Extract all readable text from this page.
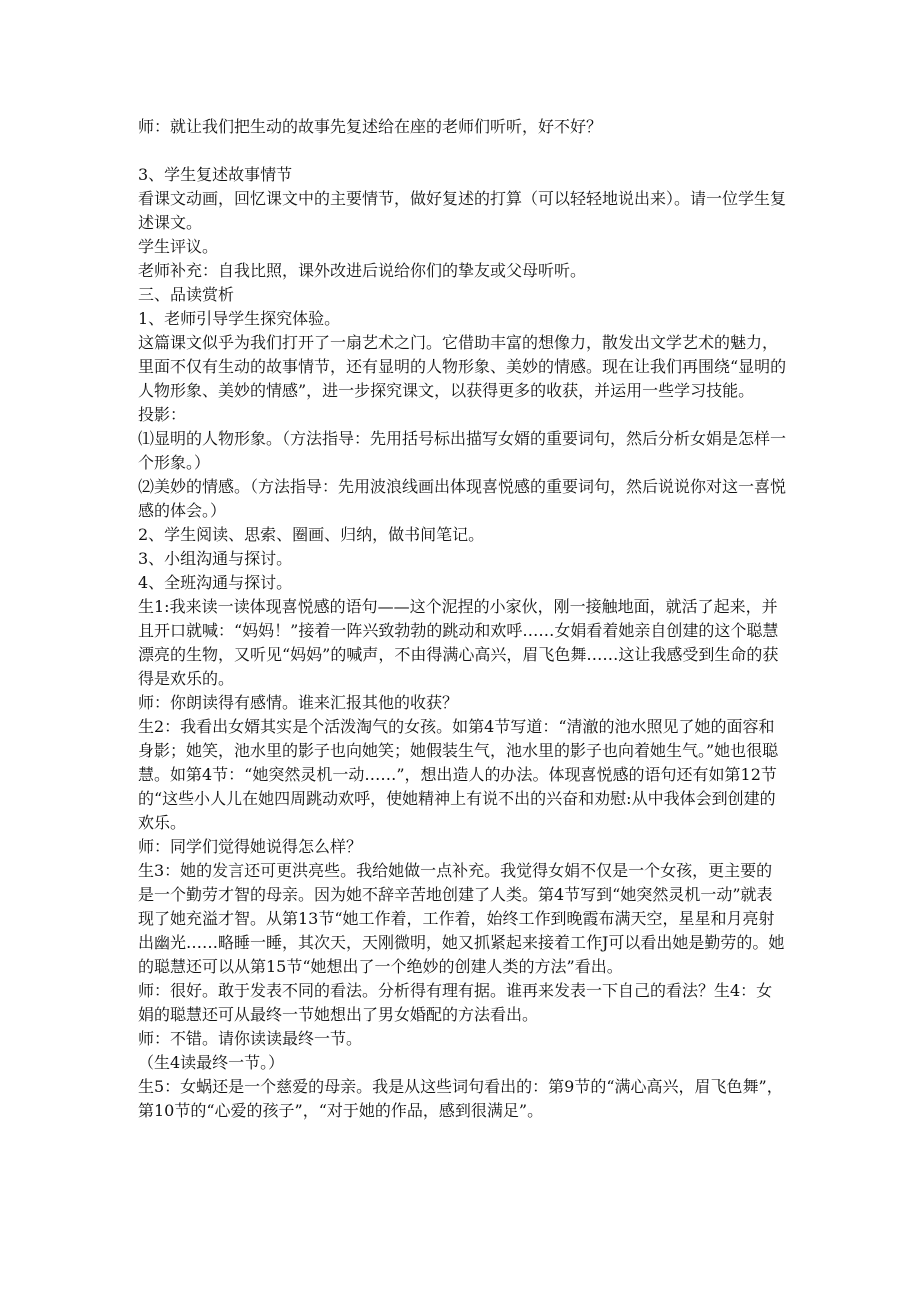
师：就让我们把生动的故事先复述给在座的老师们听听，好不好？

3、学生复述故事情节

看课文动画，回忆课文中的主要情节，做好复述的打算（可以轻轻地说出来）。请一位学生复述课文。

学生评议。

老师补充：自我比照，课外改进后说给你们的挚友或父母听听。

三、品读赏析

1、老师引导学生探究体验。

这篇课文似乎为我们打开了一扇艺术之门。它借助丰富的想像力，散发出文学艺术的魅力，里面不仅有生动的故事情节，还有显明的人物形象、美妙的情感。现在让我们再围绕“显明的人物形象、美妙的情感”，进一步探究课文，以获得更多的收获，并运用一些学习技能。

投影：

⑴显明的人物形象。（方法指导：先用括号标出描写女婿的重要词句，然后分析女娟是怎样一个形象。）

⑵美妙的情感。（方法指导：先用波浪线画出体现喜悦感的重要词句，然后说说你对这一喜悦感的体会。）

2、学生阅读、思索、圈画、归纳，做书间笔记。

3、小组沟通与探讨。

4、全班沟通与探讨。

生1:我来读一读体现喜悦感的语句——这个泥捏的小家伙，刚一接触地面，就活了起来，并且开口就喊：“妈妈！”接着一阵兴致勃勃的跳动和欢呼……女娟看着她亲自创建的这个聪慧漂亮的生物，又听见“妈妈”的喊声，不由得满心高兴，眉飞色舞……这让我感受到生命的获得是欢乐的。

师：你朗读得有感情。谁来汇报其他的收获？

生2：我看出女婿其实是个活泼淘气的女孩。如第4节写道：“清澈的池水照见了她的面容和身影；她笑，池水里的影子也向她笑；她假装生气，池水里的影子也向着她生气。”她也很聪慧。如第4节：“她突然灵机一动……”，想出造人的办法。体现喜悦感的语句还有如第12节的“这些小人儿在她四周跳动欢呼，使她精神上有说不出的兴奋和劝慰:从中我体会到创建的欢乐。

师：同学们觉得她说得怎么样？

生3：她的发言还可更洪亮些。我给她做一点补充。我觉得女娟不仅是一个女孩，更主要的是一个勤劳才智的母亲。因为她不辞辛苦地创建了人类。第4节写到“她突然灵机一动”就表现了她充溢才智。从第13节“她工作着，工作着，始终工作到晚霞布满天空，星星和月亮射出幽光……略睡一睡，其次天，天刚微明，她又抓紧起来接着工作J可以看出她是勤劳的。她的聪慧还可以从第15节“她想出了一个绝妙的创建人类的方法”看出。

师：很好。敢于发表不同的看法。分析得有理有据。谁再来发表一下自己的看法？生4：女娟的聪慧还可从最终一节她想出了男女婚配的方法看出。

师：不错。请你读读最终一节。

（生4读最终一节。）

生5：女蜗还是一个慈爱的母亲。我是从这些词句看出的：第9节的“满心高兴，眉飞色舞”，第10节的“心爱的孩子”，“对于她的作品，感到很满足”。
